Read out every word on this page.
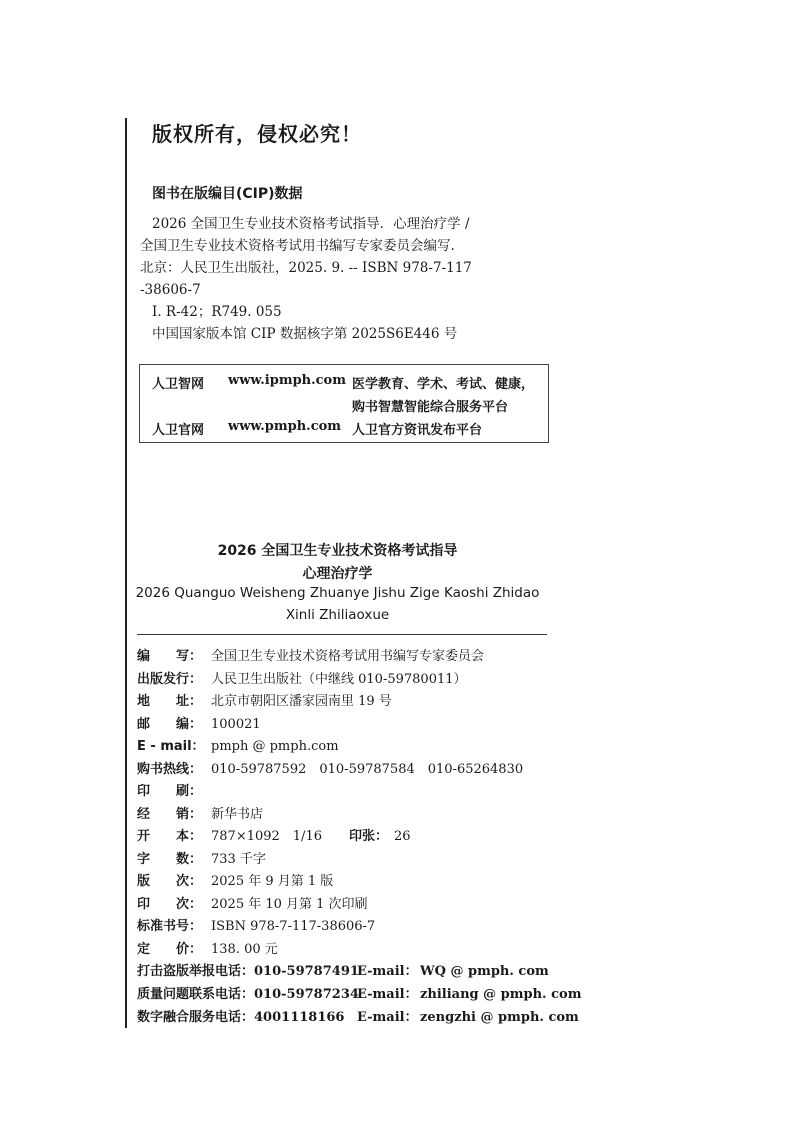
版权所有，侵权必究！
图书在版编目(CIP)数据
2026 全国卫生专业技术资格考试指导．心理治疗学 /
全国卫生专业技术资格考试用书编写专家委员会编写.
北京：人民卫生出版社，2025. 9. -- ISBN 978-7-117
-38606-7
Ⅰ. R-42；R749. 055
中国国家版本馆 CIP 数据核字第 2025S6E446 号
人卫智网 www.ipmph.com 医学教育、学术、考试、健康，
购书智慧智能综合服务平台
人卫官网 www.pmph.com 人卫官方资讯发布平台
2026 全国卫生专业技术资格考试指导
心理治疗学
2026 Quanguo Weisheng Zhuanye Jishu Zige Kaoshi Zhidao
Xinli Zhiliaoxue
编　　写： 全国卫生专业技术资格考试用书编写专家委员会
出版发行： 人民卫生出版社（中继线 010-59780011）
地　　址： 北京市朝阳区潘家园南里 19 号
邮　　编： 100021
E - mail： pmph @ pmph.com
购书热线： 010-59787592　010-59787584　010-65264830
印　　刷：
经　　销： 新华书店
开　　本： 787×1092　1/16　　 印张： 26
字　　数： 733 千字
版　　次： 2025 年 9 月第 1 版
印　　次： 2025 年 10 月第 1 次印刷
标准书号： ISBN 978-7-117-38606-7
定　　价： 138. 00 元
打击盗版举报电话：010-59787491
E-mail： WQ @ pmph. com
质量问题联系电话：010-59787234
E-mail： zhiliang @ pmph. com
数字融合服务电话：4001118166 E-mail： zengzhi @ pmph. com
